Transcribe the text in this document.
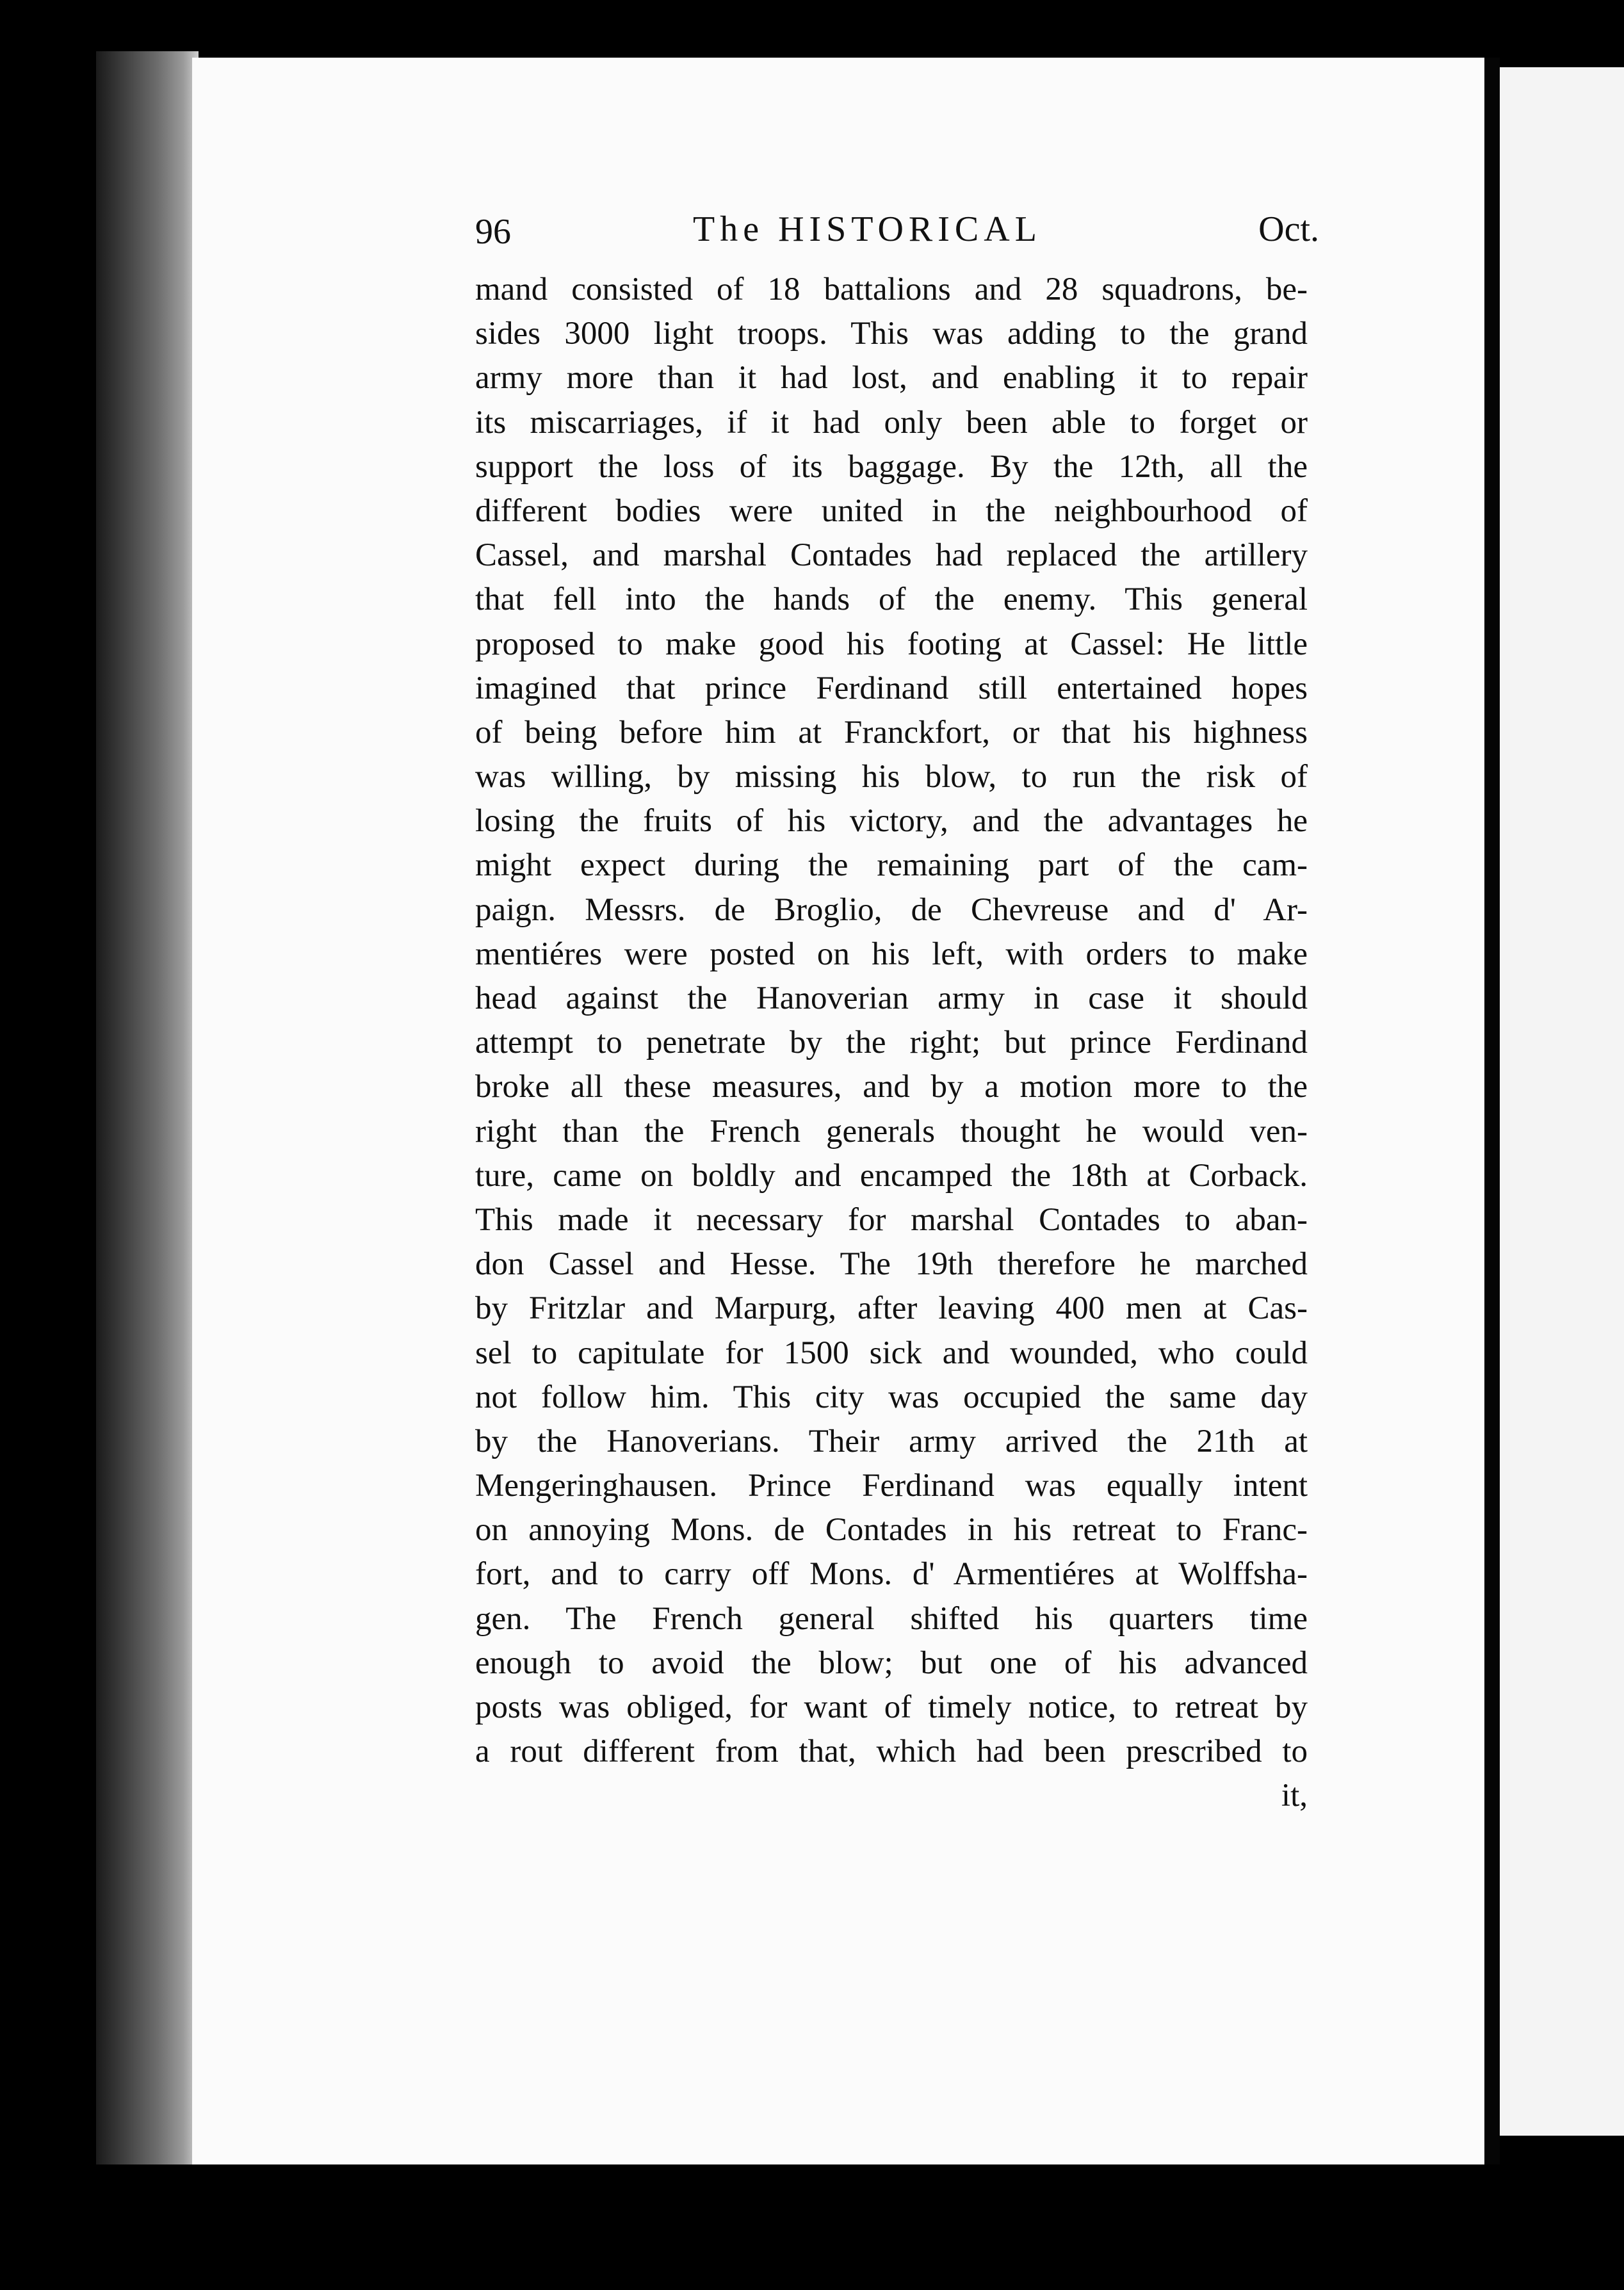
96	The HISTORICAL	Oct.
mand consisted of 18 battalions and 28 squadrons, be-
sides 3000 light troops. This was adding to the grand
army more than it had lost, and enabling it to repair
its miscarriages, if it had only been able to forget or
support the loss of its baggage. By the 12th, all the
different bodies were united in the neighbourhood of
Cassel, and marshal Contades had replaced the artillery
that fell into the hands of the enemy. This general
proposed to make good his footing at Cassel: He little
imagined that prince Ferdinand still entertained hopes
of being before him at Franckfort, or that his highness
was willing, by missing his blow, to run the risk of
losing the fruits of his victory, and the advantages he
might expect during the remaining part of the cam-
paign. Messrs. de Broglio, de Chevreuse and d' Ar-
mentiéres were posted on his left, with orders to make
head against the Hanoverian army in case it should
attempt to penetrate by the right; but prince Ferdinand
broke all these measures, and by a motion more to the
right than the French generals thought he would ven-
ture, came on boldly and encamped the 18th at Corback.
This made it necessary for marshal Contades to aban-
don Cassel and Hesse. The 19th therefore he marched
by Fritzlar and Marpurg, after leaving 400 men at Cas-
sel to capitulate for 1500 sick and wounded, who could
not follow him. This city was occupied the same day
by the Hanoverians. Their army arrived the 21th at
Mengeringhausen. Prince Ferdinand was equally intent
on annoying Mons. de Contades in his retreat to Franc-
fort, and to carry off Mons. d' Armentiéres at Wolffsha-
gen. The French general shifted his quarters time
enough to avoid the blow; but one of his advanced
posts was obliged, for want of timely notice, to retreat by
a rout different from that, which had been prescribed to
it,
